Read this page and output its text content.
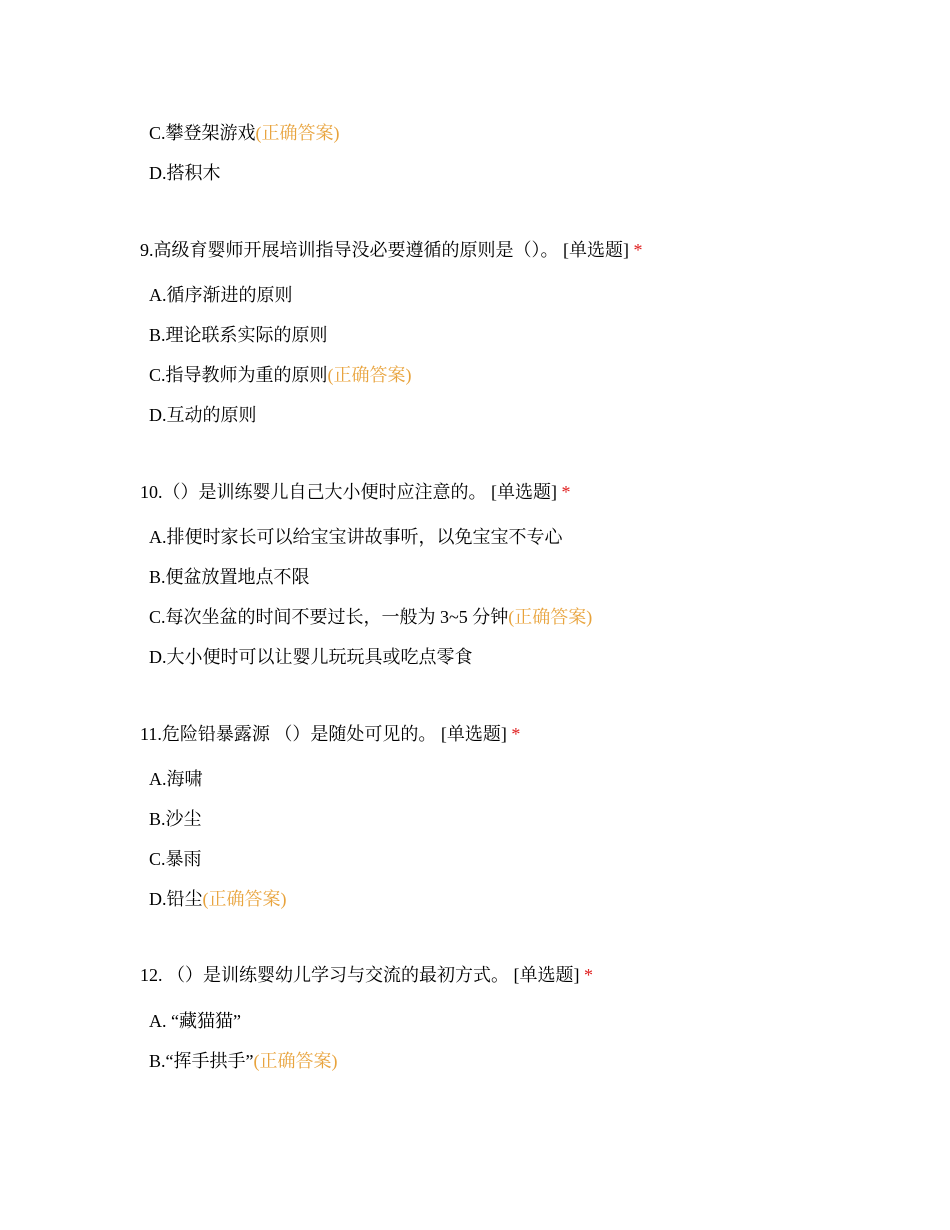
C.攀登架游戏(正确答案)
D.搭积木
9.高级育婴师开展培训指导没必要遵循的原则是（）。 [单选题] *
A.循序渐进的原则
B.理论联系实际的原则
C.指导教师为重的原则(正确答案)
D.互动的原则
10.（）是训练婴儿自己大小便时应注意的。 [单选题] *
A.排便时家长可以给宝宝讲故事听，以免宝宝不专心
B.便盆放置地点不限
C.每次坐盆的时间不要过长，一般为 3~5 分钟(正确答案)
D.大小便时可以让婴儿玩玩具或吃点零食
11.危险铅暴露源 （）是随处可见的。 [单选题] *
A.海啸
B.沙尘
C.暴雨
D.铅尘(正确答案)
12. （）是训练婴幼儿学习与交流的最初方式。 [单选题] *
A. “藏猫猫”
B.“挥手拱手”(正确答案)
